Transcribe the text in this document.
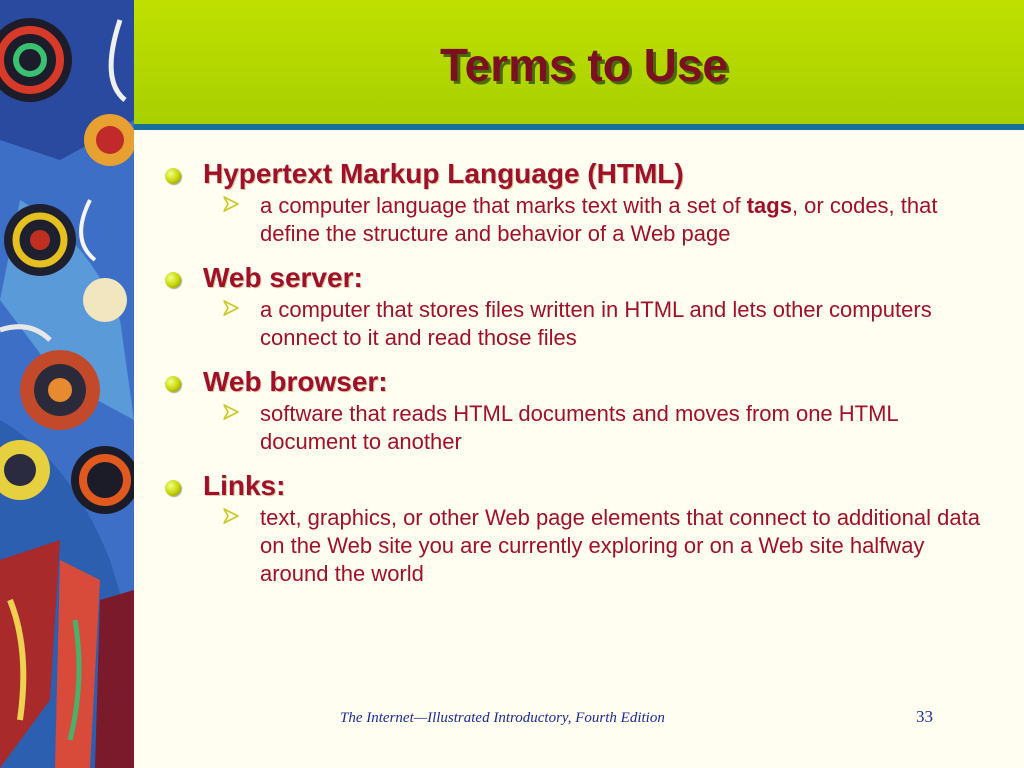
Terms to Use
Hypertext Markup Language (HTML)
a computer language that marks text with a set of tags, or codes, that define the structure and behavior of a Web page
Web server:
a computer that stores files written in HTML and lets other computers connect to it and read those files
Web browser:
software that reads HTML documents and moves from one HTML document to another
Links:
text, graphics, or other Web page elements that connect to additional data on the Web site you are currently exploring or on a Web site halfway around the world
The Internet—Illustrated Introductory, Fourth Edition	33
